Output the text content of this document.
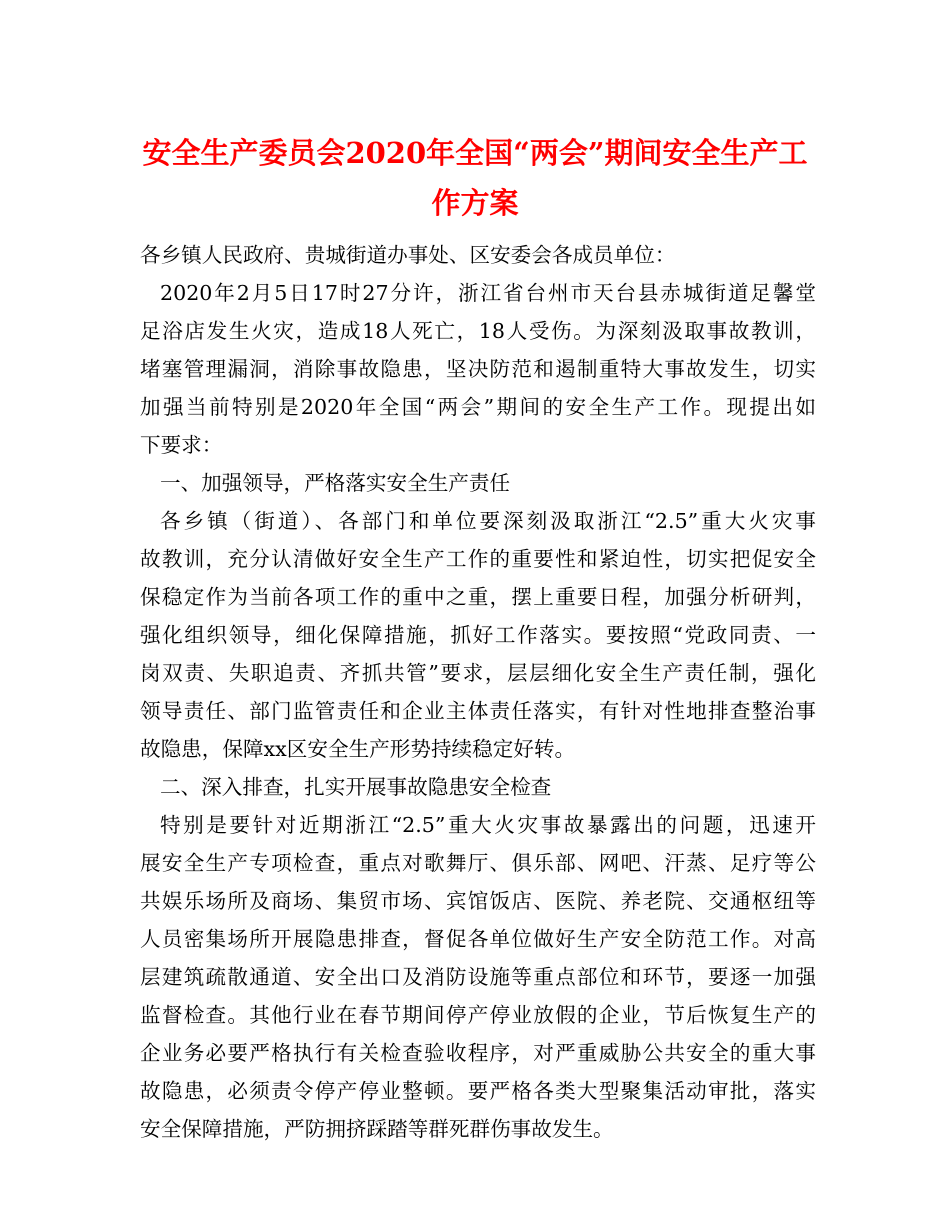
安全生产委员会2020年全国“两会”期间安全生产工
作方案
各乡镇人民政府、贵城街道办事处、区安委会各成员单位：
2020年2月5日17时27分许，浙江省台州市天台县赤城街道足馨堂
足浴店发生火灾，造成18人死亡，18人受伤。为深刻汲取事故教训，
堵塞管理漏洞，消除事故隐患，坚决防范和遏制重特大事故发生，切实
加强当前特别是2020年全国“两会”期间的安全生产工作。现提出如
下要求：
一、加强领导，严格落实安全生产责任
各乡镇（街道）、各部门和单位要深刻汲取浙江“2.5”重大火灾事
故教训，充分认清做好安全生产工作的重要性和紧迫性，切实把促安全
保稳定作为当前各项工作的重中之重，摆上重要日程，加强分析研判，
强化组织领导，细化保障措施，抓好工作落实。要按照“党政同责、一
岗双责、失职追责、齐抓共管”要求，层层细化安全生产责任制，强化
领导责任、部门监管责任和企业主体责任落实，有针对性地排查整治事
故隐患，保障xx区安全生产形势持续稳定好转。
二、深入排查，扎实开展事故隐患安全检查
特别是要针对近期浙江“2.5”重大火灾事故暴露出的问题，迅速开
展安全生产专项检查，重点对歌舞厅、俱乐部、网吧、汗蒸、足疗等公
共娱乐场所及商场、集贸市场、宾馆饭店、医院、养老院、交通枢纽等
人员密集场所开展隐患排查，督促各单位做好生产安全防范工作。对高
层建筑疏散通道、安全出口及消防设施等重点部位和环节，要逐一加强
监督检查。其他行业在春节期间停产停业放假的企业，节后恢复生产的
企业务必要严格执行有关检查验收程序，对严重威胁公共安全的重大事
故隐患，必须责令停产停业整顿。要严格各类大型聚集活动审批，落实
安全保障措施，严防拥挤踩踏等群死群伤事故发生。
